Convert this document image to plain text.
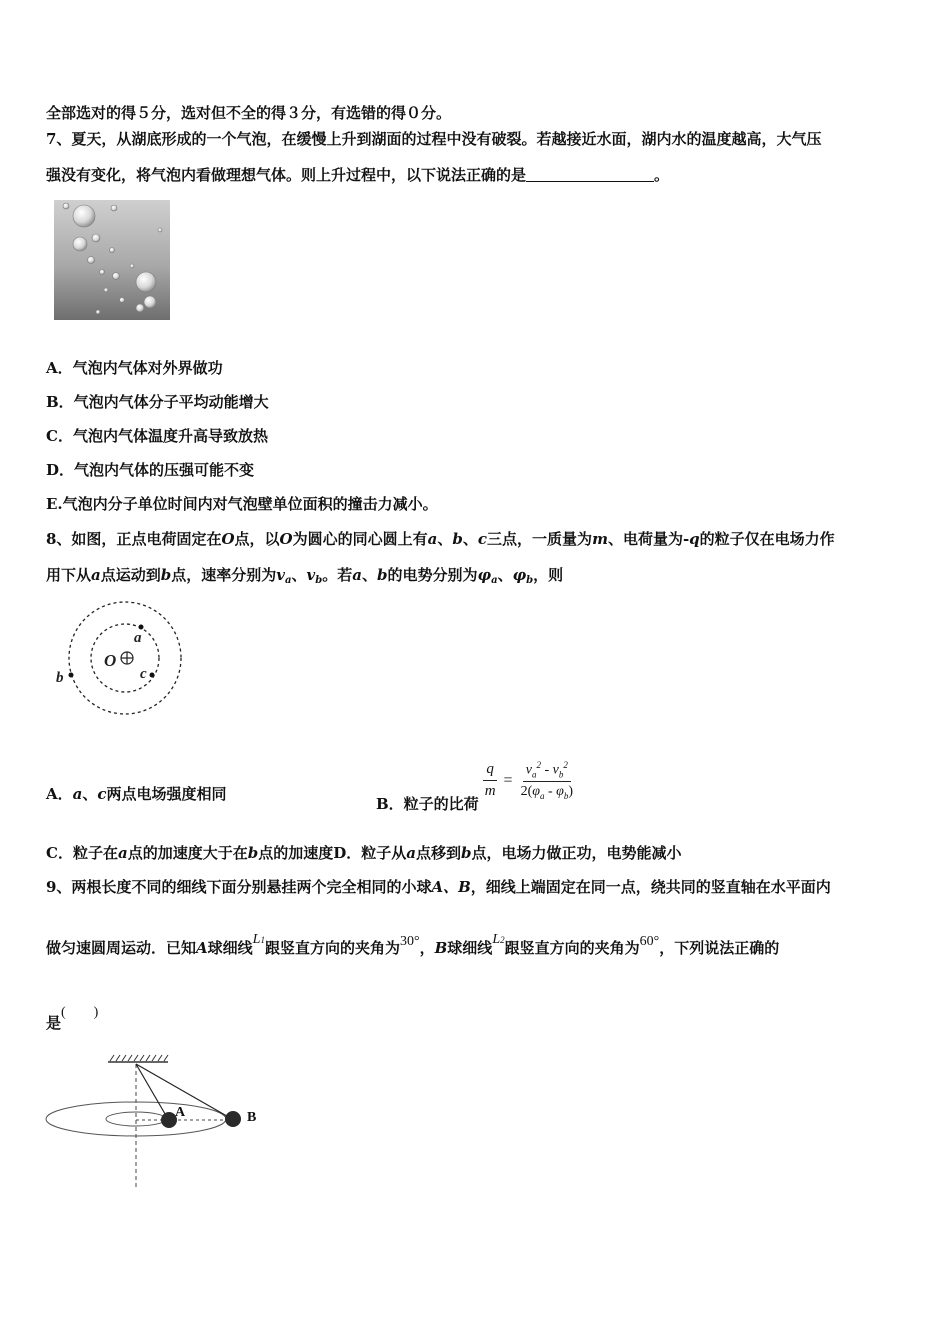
全部选对的得５分，选对但不全的得３分，有选错的得０分。
7、夏天，从湖底形成的一个气泡，在缓慢上升到湖面的过程中没有破裂。若越接近水面，湖内水的温度越高，大气压
强没有变化，将气泡内看做理想气体。则上升过程中，以下说法正确的是	。
A．气泡内气体对外界做功
B．气泡内气体分子平均动能增大
C．气泡内气体温度升高导致放热
D．气泡内气体的压强可能不变
E.气泡内分子单位时间内对气泡壁单位面积的撞击力减小。
8、如图，正点电荷固定在O点，以O为圆心的同心圆上有a、b、c三点，一质量为m、电荷量为-q的粒子仅在电场力作
用下从a点运动到b点，速率分别为$v_a$、$v_b$。若a、b的电势分别为$\varphi_a$、$\varphi_b$，则
O
a
c
b
A．a、c两点电场强度相同
B．粒子的比荷
$\frac{q}{m} = \frac{v_a^2 - v_b^2}{2(\varphi_a - \varphi_b)}$
C．粒子在a点的加速度大于在b点的加速度D．粒子从a点移到b点，电场力做正功，电势能减小
9、两根长度不同的细线下面分别悬挂两个完全相同的小球A、B，细线上端固定在同一点，绕共同的竖直轴在水平面内
做匀速圆周运动．已知A球细线L1跟竖直方向的夹角为30°，B球细线L2跟竖直方向的夹角为60°，下列说法正确的
是(　　)
A	B
